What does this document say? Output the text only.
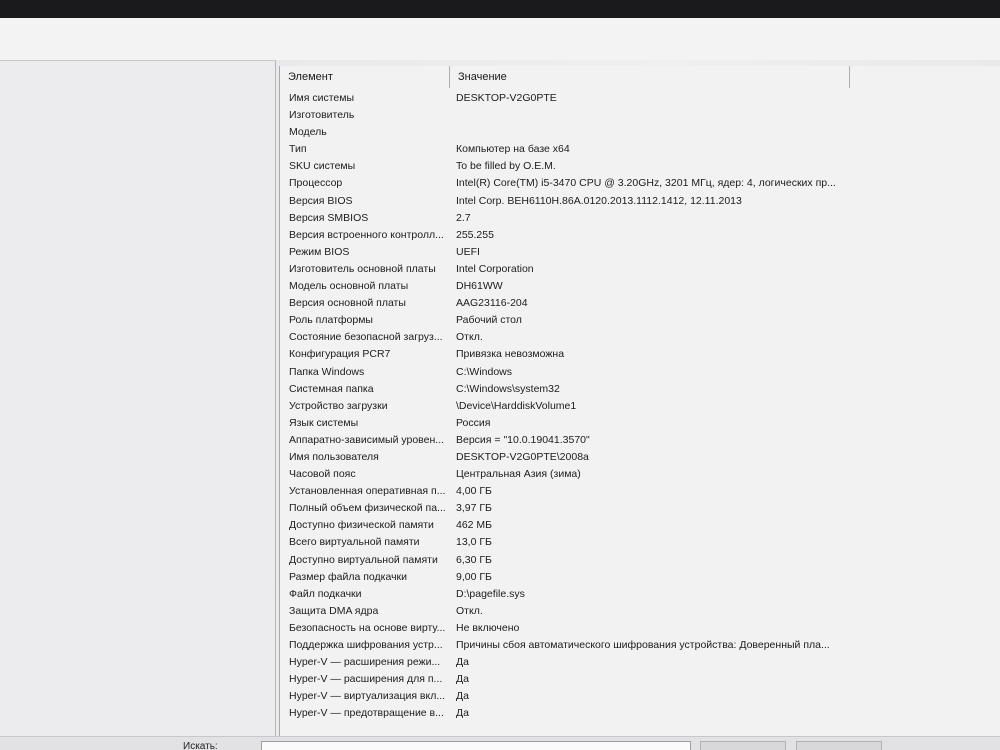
Элемент	Значение
Имя системы	DESKTOP-V2G0PTE
Изготовитель
Модель
Тип	Компьютер на базе x64
SKU системы	To be filled by O.E.M.
Процессор	Intel(R) Core(TM) i5-3470 CPU @ 3.20GHz, 3201 МГц, ядер: 4, логических пр...
Версия BIOS	Intel Corp. BEH6110H.86A.0120.2013.1112.1412, 12.11.2013
Версия SMBIOS	2.7
Версия встроенного контролл...	255.255
Режим BIOS	UEFI
Изготовитель основной платы	Intel Corporation
Модель основной платы	DH61WW
Версия основной платы	AAG23116-204
Роль платформы	Рабочий стол
Состояние безопасной загруз...	Откл.
Конфигурация PCR7	Привязка невозможна
Папка Windows	C:\Windows
Системная папка	C:\Windows\system32
Устройство загрузки	\Device\HarddiskVolume1
Язык системы	Россия
Аппаратно-зависимый уровен...	Версия = "10.0.19041.3570"
Имя пользователя	DESKTOP-V2G0PTE\2008a
Часовой пояс	Центральная Азия (зима)
Установленная оперативная п...	4,00 ГБ
Полный объем физической па... 3,97 ГБ
Доступно физической памяти	462 МБ
Всего виртуальной памяти	13,0 ГБ
Доступно виртуальной памяти	6,30 ГБ
Размер файла подкачки	9,00 ГБ
Файл подкачки	D:\pagefile.sys
Защита DMA ядра	Откл.
Безопасность на основе вирту...	Не включено
Поддержка шифрования устр...	Причины сбоя автоматического шифрования устройства: Доверенный пла...
Hyper-V — расширения режи...	Да
Hyper-V — расширения для п...	Да
Hyper-V — виртуализация вкл...	Да
Hyper-V — предотвращение в...	Да
Искать:
